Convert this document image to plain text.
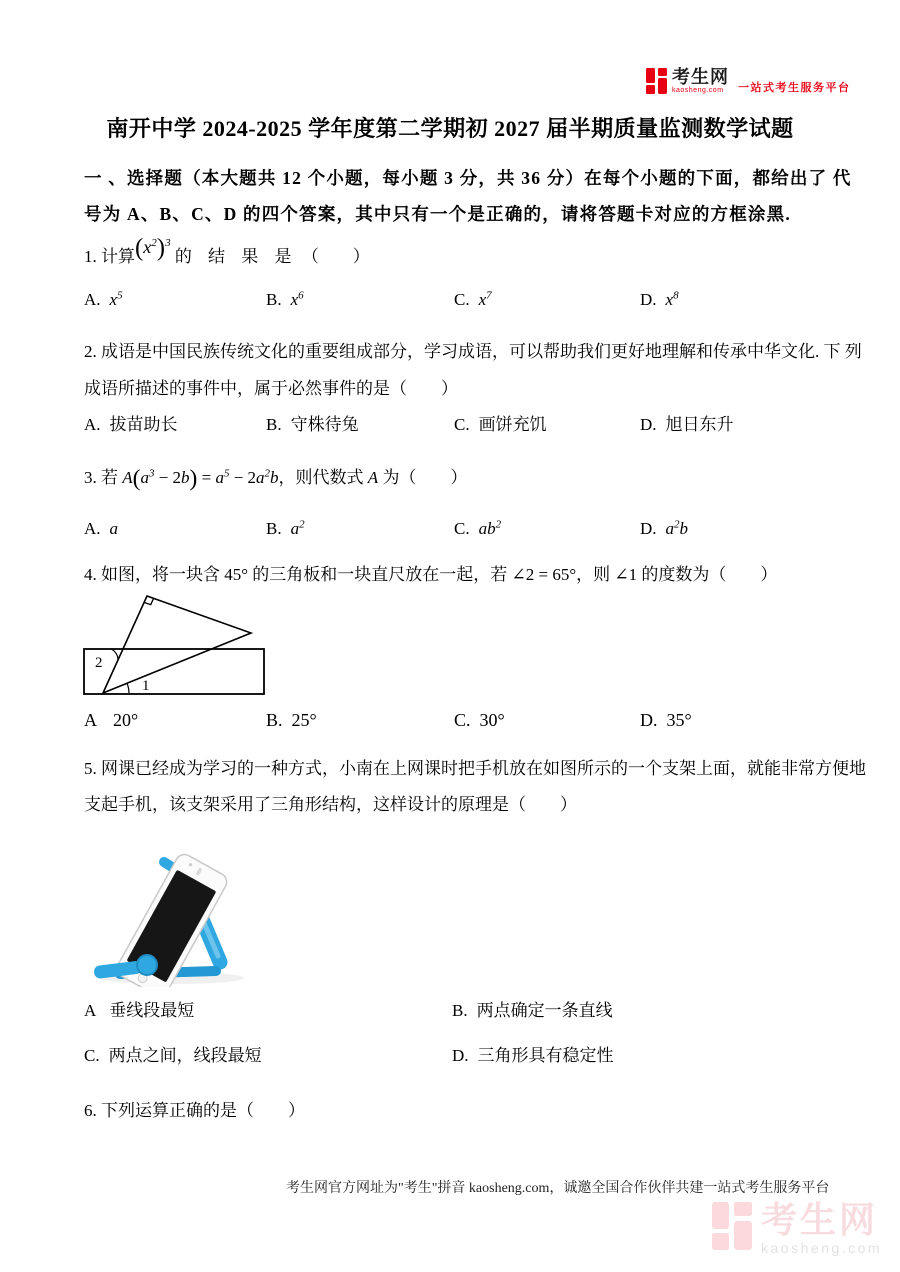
考生网
kaosheng.com	一站式考生服务平台
南开中学 2024-2025 学年度第二学期初 2027 届半期质量监测数学试题
一 、选择题（本大题共 12 个小题，每小题 3 分，共 36 分）在每个小题的下面，都给出了 代
号为 A、B、C、D 的四个答案，其中只有一个是正确的，请将答题卡对应的方框涂黑.
1. 计算$(x^2)^3$ 的 结 果 是 （　　）
A. $x^5$	B. $x^6$	C. $x^7$	D. $x^8$
2. 成语是中国民族传统文化的重要组成部分，学习成语，可以帮助我们更好地理解和传承中华文化. 下 列
成语所描述的事件中，属于必然事件的是（　　）
A. 拔苗助长	B. 守株待兔	C. 画饼充饥	D. 旭日东升
3. 若 $A(a^3 - 2b) = a^5 - 2a^2b$，则代数式 A 为（　　）
A. a	B. $a^2$	C. $ab^2$	D. $a^2b$
4. 如图，将一块含 45° 的三角板和一块直尺放在一起，若 ∠2 = 65°，则 ∠1 的度数为（　　）
2
1
A 20°	B. 25°	C. 30°	D. 35°
5. 网课已经成为学习的一种方式，小南在上网课时把手机放在如图所示的一个支架上面，就能非常方便地
支起手机，该支架采用了三角形结构，这样设计的原理是（　　）
A 垂线段最短	B. 两点确定一条直线
C. 两点之间，线段最短	D. 三角形具有稳定性
6. 下列运算正确的是（　　）
考生网官方网址为"考生"拼音 kaosheng.com，诚邀全国合作伙伴共建一站式考生服务平台
考生网
kaosheng.com
